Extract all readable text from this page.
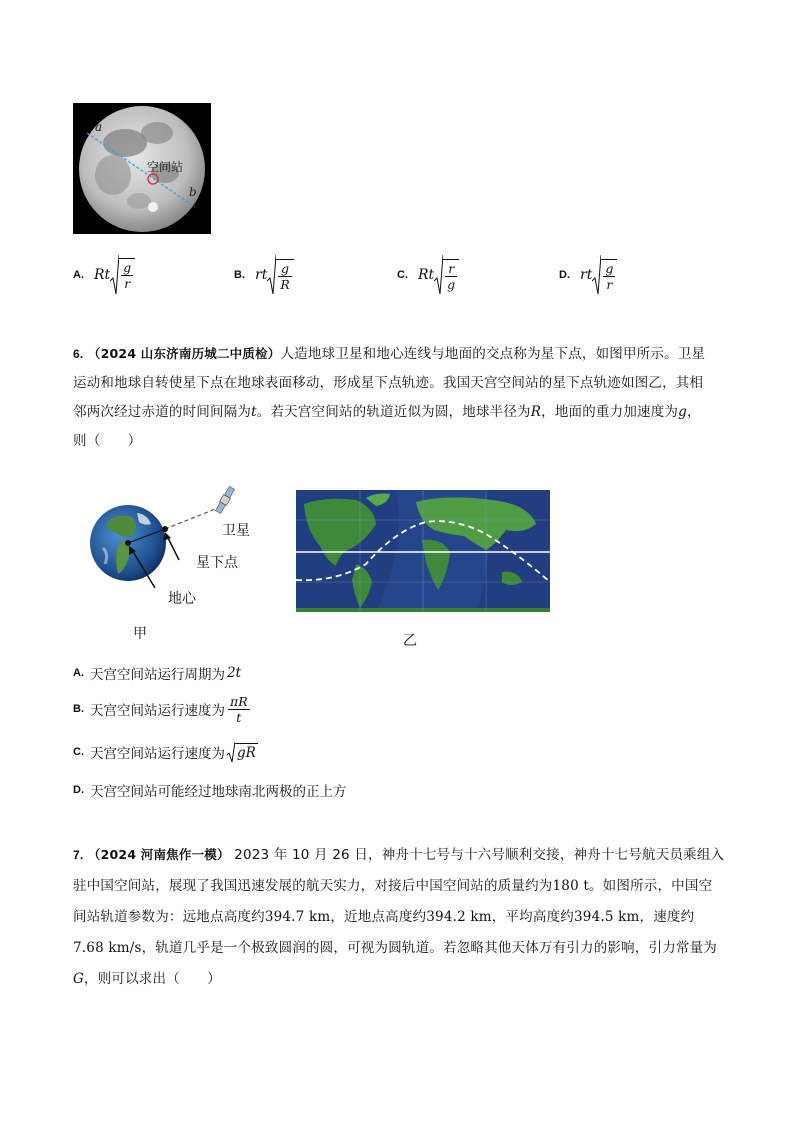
a
b
空间站
A. Rt $\frac{g}{r}$	B. rt $\frac{g}{R}$	C. Rt $\frac{r}{g}$	D. rt $\frac{g}{r}$
6. （2024 山东济南历城二中质检）人造地球卫星和地心连线与地面的交点称为星下点，如图甲所示。卫星
运动和地球自转使星下点在地球表面移动，形成星下点轨迹。我国天宫空间站的星下点轨迹如图乙，其相
邻两次经过赤道的时间间隔为t。若天宫空间站的轨道近似为圆，地球半径为R，地面的重力加速度为g，
则（　　）
卫星
星下点
地心
甲	乙
A. 天宫空间站运行周期为 2t
B. 天宫空间站运行速度为 $\frac{\pi R}{t}$
C. 天宫空间站运行速度为 gR
D. 天宫空间站可能经过地球南北两极的正上方
7. （2024 河南焦作一模） 2023 年 10 月 26 日，神舟十七号与十六号顺利交接，神舟十七号航天员乘组入
驻中国空间站，展现了我国迅速发展的航天实力，对接后中国空间站的质量约为180 t。如图所示，中国空
间站轨道参数为：远地点高度约394.7 km，近地点高度约394.2 km，平均高度约394.5 km，速度约
7.68 km/s，轨道几乎是一个极致圆润的圆，可视为圆轨道。若忽略其他天体万有引力的影响，引力常量为
G，则可以求出（　　）
